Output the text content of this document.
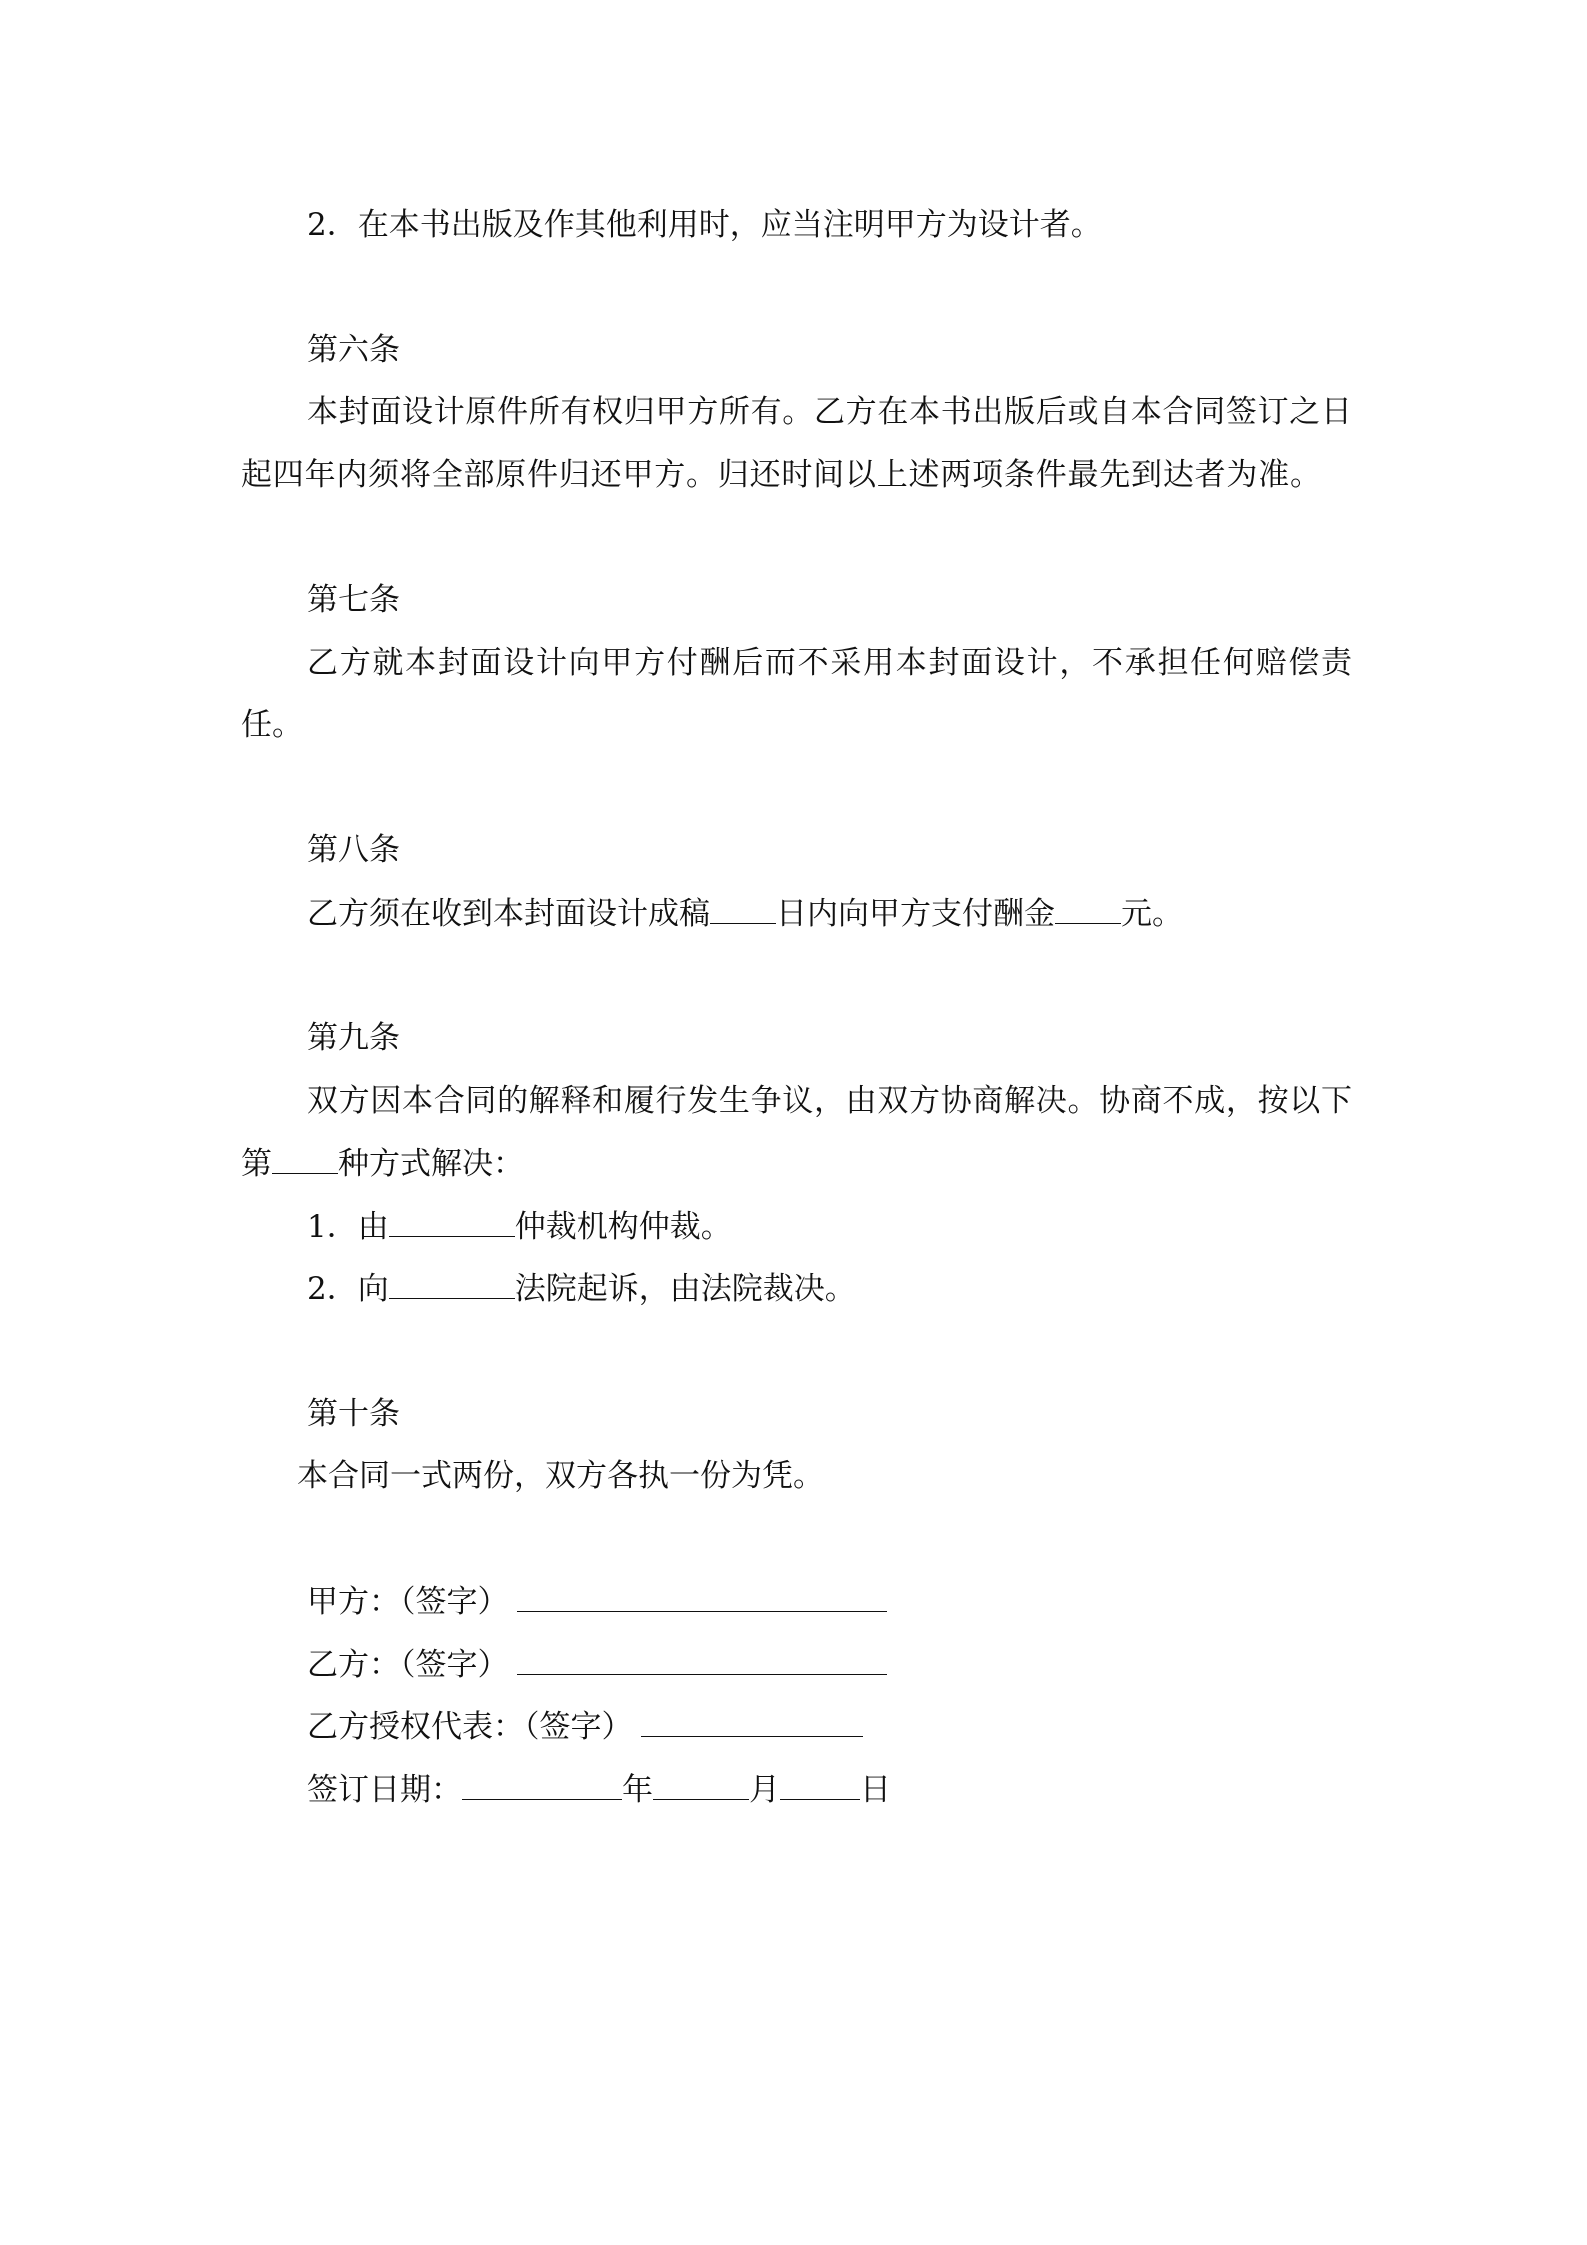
2．在本书出版及作其他利用时，应当注明甲方为设计者。
第六条
本封面设计原件所有权归甲方所有。乙方在本书出版后或自本合同签订之日
起四年内须将全部原件归还甲方。归还时间以上述两项条件最先到达者为准。
第七条
乙方就本封面设计向甲方付酬后而不采用本封面设计，不承担任何赔偿责
任。
第八条
乙方须在收到本封面设计成稿 日内向甲方支付酬金 元。
第九条
双方因本合同的解释和履行发生争议，由双方协商解决。协商不成，按以下
第 种方式解决：
1．由	仲裁机构仲裁。
2．向	法院起诉，由法院裁决。
第十条
本合同一式两份，双方各执一份为凭。
甲方：（签字）
乙方：（签字）
乙方授权代表：（签字）
签订日期：	年	月	日
